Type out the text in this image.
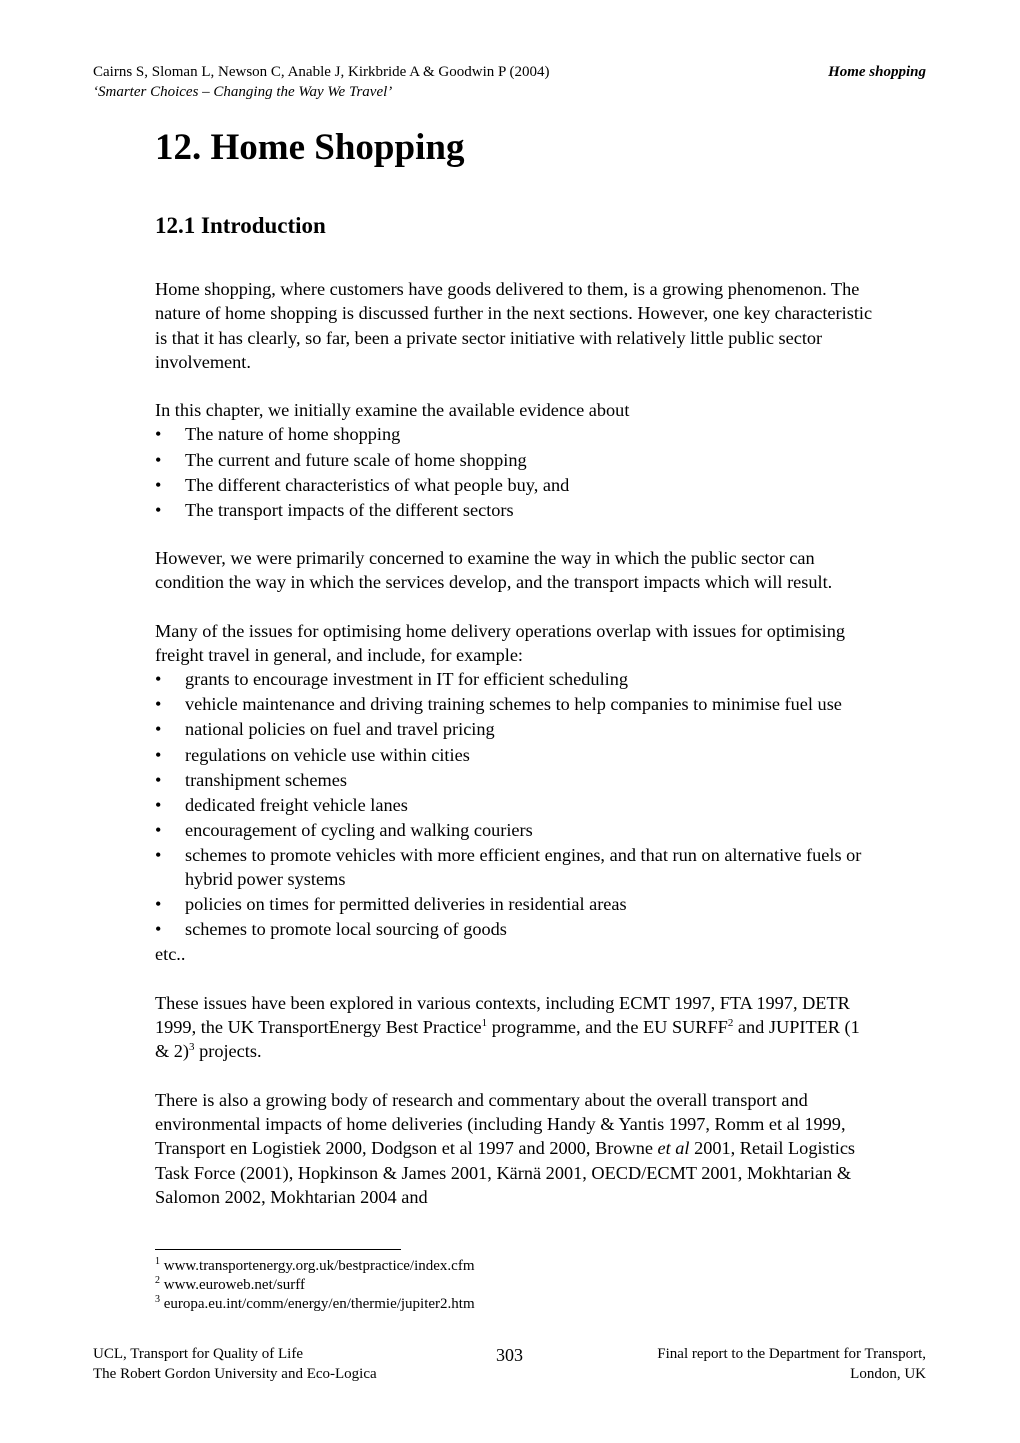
Cairns S, Sloman L, Newson C, Anable J, Kirkbride A & Goodwin P (2004)	Home shopping
‘Smarter Choices – Changing the Way We Travel’
12. Home Shopping
12.1 Introduction

Home shopping, where customers have goods delivered to them, is a growing phenomenon. The nature of home shopping is discussed further in the next sections. However, one key characteristic is that it has clearly, so far, been a private sector initiative with relatively little public sector involvement.

In this chapter, we initially examine the available evidence about

•	The nature of home shopping
•	The current and future scale of home shopping
•	The different characteristics of what people buy, and
•	The transport impacts of the different sectors

However, we were primarily concerned to examine the way in which the public sector can condition the way in which the services develop, and the transport impacts which will result.

Many of the issues for optimising home delivery operations overlap with issues for optimising freight travel in general, and include, for example:

•	grants to encourage investment in IT for efficient scheduling
•	vehicle maintenance and driving training schemes to help companies to minimise fuel use
•	national policies on fuel and travel pricing
•	regulations on vehicle use within cities
•	transhipment schemes
•	dedicated freight vehicle lanes
•	encouragement of cycling and walking couriers
•	schemes to promote vehicles with more efficient engines, and that run on alternative fuels or hybrid power systems
•	policies on times for permitted deliveries in residential areas
•	schemes to promote local sourcing of goods

etc..

These issues have been explored in various contexts, including ECMT 1997, FTA 1997, DETR 1999, the UK TransportEnergy Best Practice$^1$ programme, and the EU SURFF$^2$ and JUPITER (1 & 2)$^3$ projects.

There is also a growing body of research and commentary about the overall transport and environmental impacts of home deliveries (including Handy & Yantis 1997, Romm et al 1999, Transport en Logistiek 2000, Dodgson et al 1997 and 2000, Browne et al 2001, Retail Logistics Task Force (2001), Hopkinson & James 2001, Kärnä 2001, OECD/ECMT 2001, Mokhtarian & Salomon 2002, Mokhtarian 2004 and

$^1$ www.transportenergy.org.uk/bestpractice/index.cfm
$^2$ www.euroweb.net/surff
$^3$ europa.eu.int/comm/energy/en/thermie/jupiter2.htm
UCL, Transport for Quality of Life
The Robert Gordon University and Eco-Logica
303	Final report to the Department for Transport,
London, UK
